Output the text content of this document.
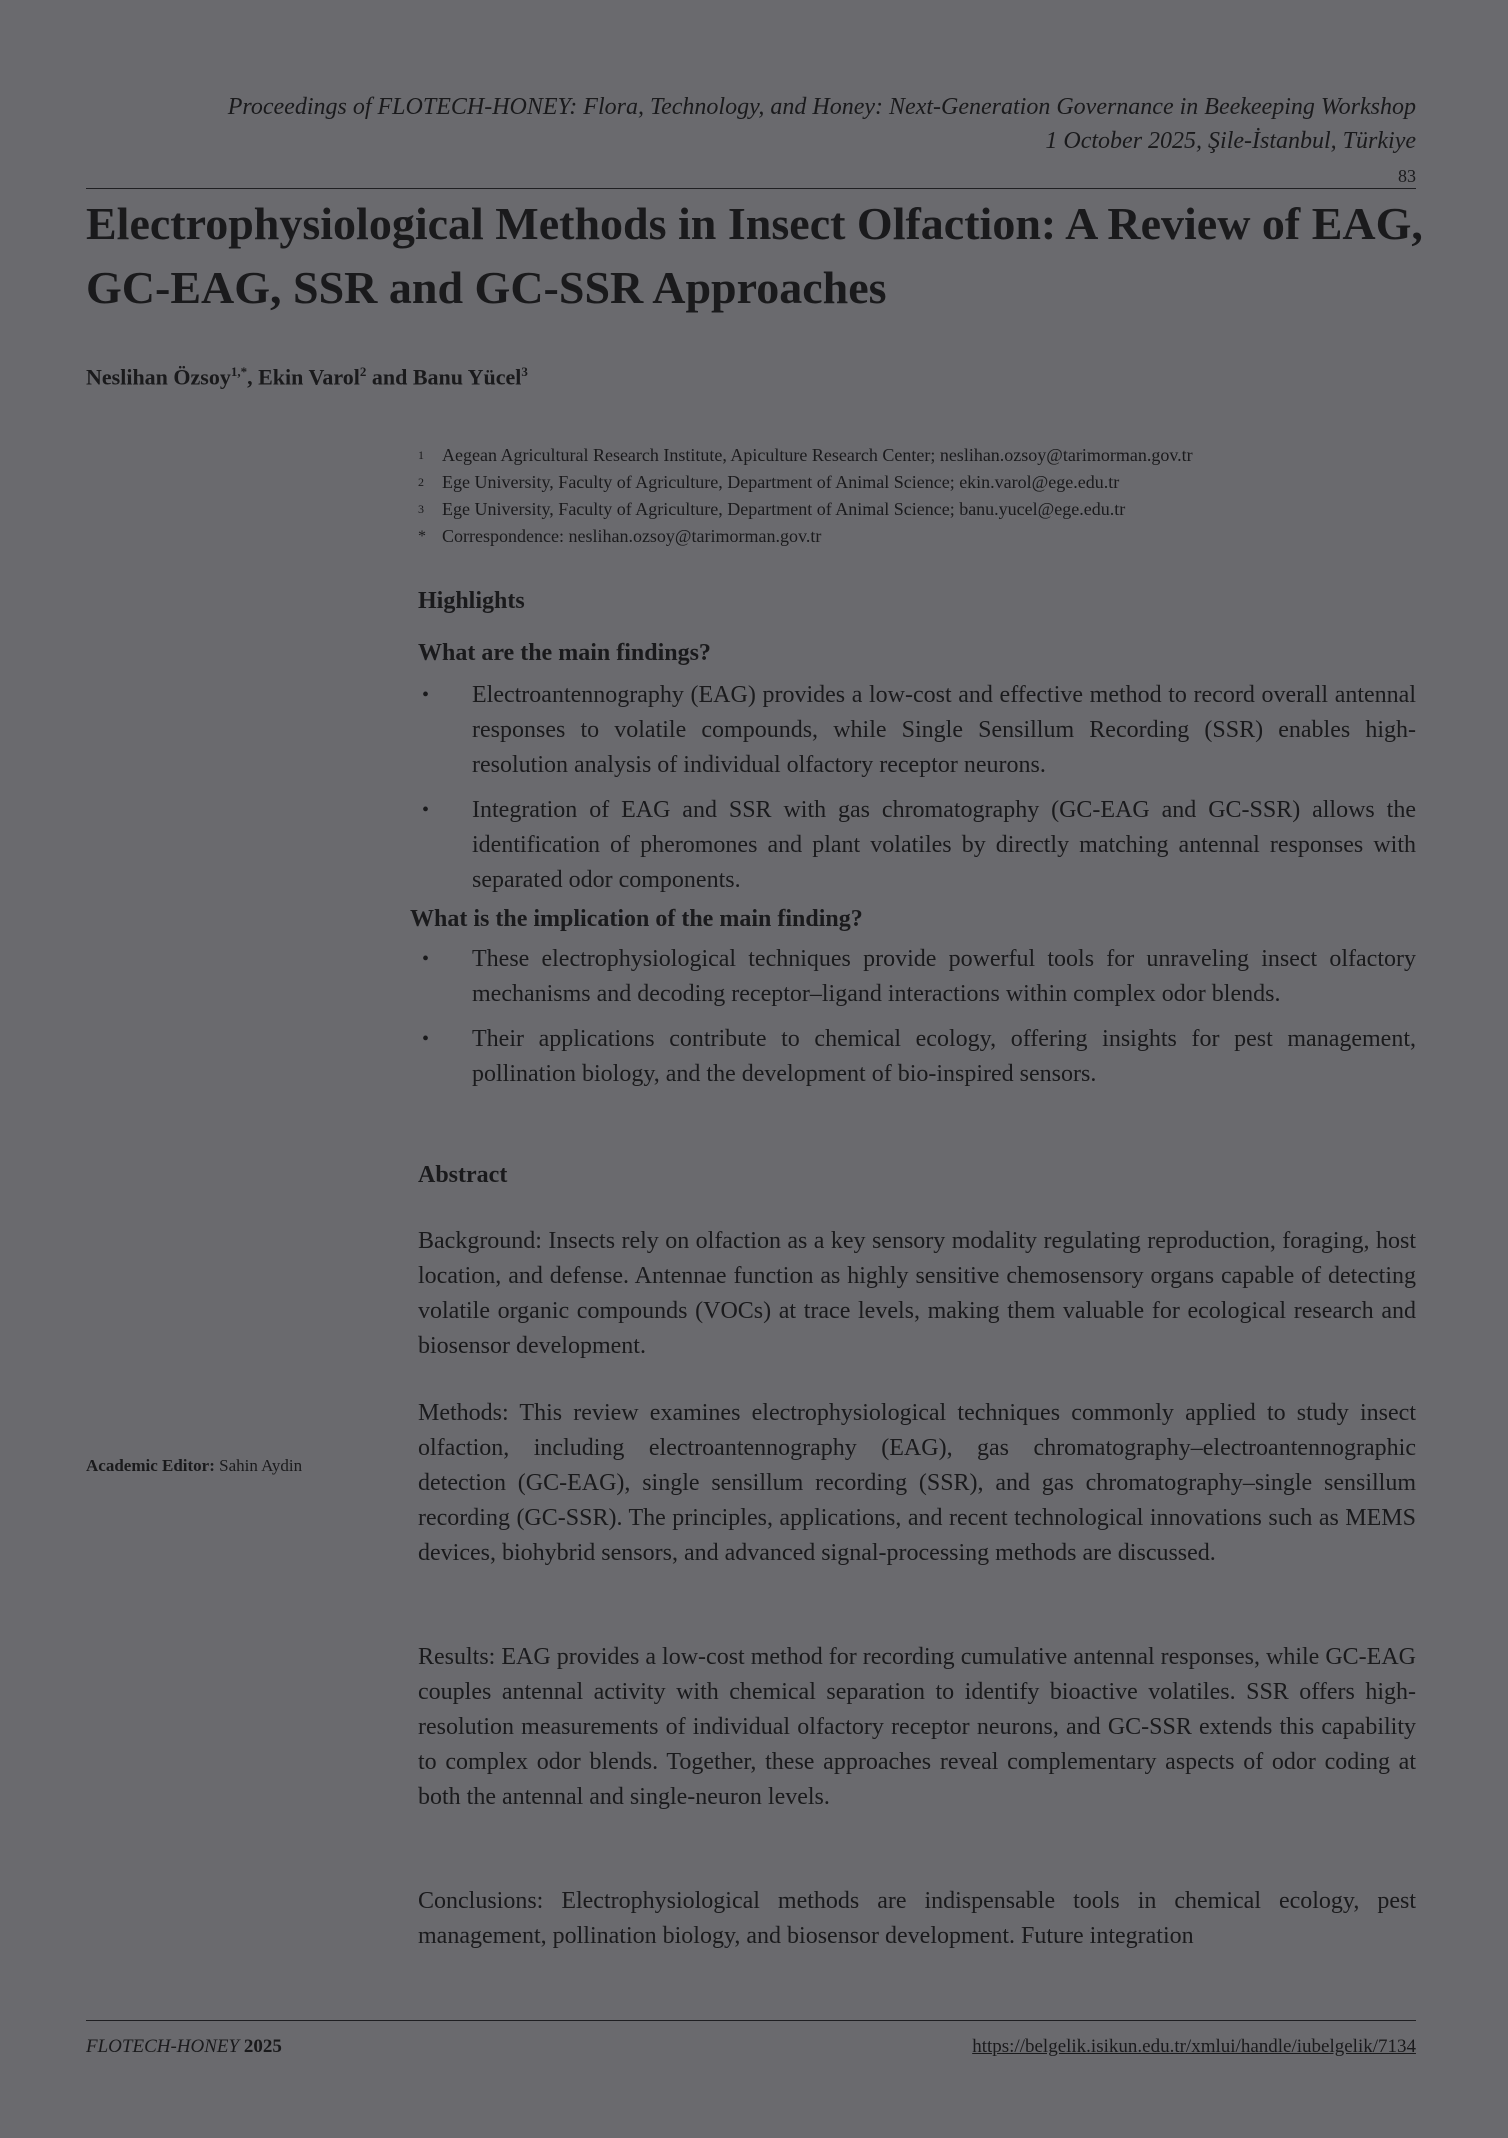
Proceedings of FLOTECH-HONEY: Flora, Technology, and Honey: Next-Generation Governance in Beekeeping Workshop
1 October 2025, Şile-İstanbul, Türkiye
83
Electrophysiological Methods in Insect Olfaction: A Review of EAG, GC-EAG, SSR and GC-SSR Approaches
Neslihan Özsoy$^{1,*}$, Ekin Varol$^2$ and Banu Yücel$^3$
1	Aegean Agricultural Research Institute, Apiculture Research Center; neslihan.ozsoy@tarimorman.gov.tr
2	Ege University, Faculty of Agriculture, Department of Animal Science; ekin.varol@ege.edu.tr
3	Ege University, Faculty of Agriculture, Department of Animal Science; banu.yucel@ege.edu.tr
* Correspondence: neslihan.ozsoy@tarimorman.gov.tr
Highlights
What are the main findings?
• Electroantennography (EAG) provides a low-cost and effective method to record overall antennal responses to volatile compounds, while Single Sensillum Recording (SSR) enables high-resolution analysis of individual olfactory receptor neurons.
• Integration of EAG and SSR with gas chromatography (GC-EAG and GC-SSR) allows the identification of pheromones and plant volatiles by directly matching antennal responses with separated odor components.
What is the implication of the main finding?
• These electrophysiological techniques provide powerful tools for unraveling insect olfactory mechanisms and decoding receptor–ligand interactions within complex odor blends.
• Their applications contribute to chemical ecology, offering insights for pest management, pollination biology, and the development of bio-inspired sensors.
Abstract

Background: Insects rely on olfaction as a key sensory modality regulating reproduction, foraging, host location, and defense. Antennae function as highly sensitive chemosensory organs capable of detecting volatile organic compounds (VOCs) at trace levels, making them valuable for ecological research and biosensor development.

Methods: This review examines electrophysiological techniques commonly applied to study insect olfaction, including electroantennography (EAG), gas chromatography–electroantennographic detection (GC-EAG), single sensillum recording (SSR), and gas chromatography–single sensillum recording (GC-SSR). The principles, applications, and recent technological innovations such as MEMS devices, biohybrid sensors, and advanced signal-processing methods are discussed.

Results: EAG provides a low-cost method for recording cumulative antennal responses, while GC-EAG couples antennal activity with chemical separation to identify bioactive volatiles. SSR offers high-resolution measurements of individual olfactory receptor neurons, and GC-SSR extends this capability to complex odor blends. Together, these approaches reveal complementary aspects of odor coding at both the antennal and single-neuron levels.

Conclusions: Electrophysiological methods are indispensable tools in chemical ecology, pest management, pollination biology, and biosensor development. Future integration

Academic Editor: Sahin Aydin
FLOTECH-HONEY 2025	https://belgelik.isikun.edu.tr/xmlui/handle/iubelgelik/7134
